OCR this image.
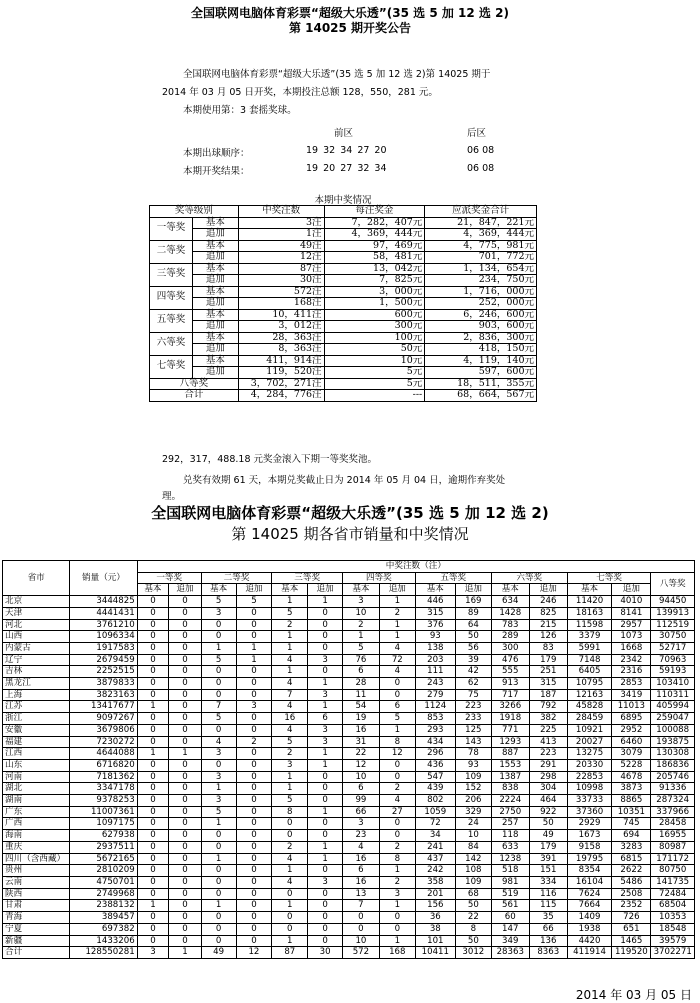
全国联网电脑体育彩票“超级大乐透”(35 选 5 加 12 选 2)
第 14025 期开奖公告
全国联网电脑体育彩票“超级大乐透”(35 选 5 加 12 选 2)第 14025 期于
2014 年 03 月 05 日开奖，本期投注总额 128，550，281 元。
本期使用第：3 套摇奖球。
前区	后区
本期出球顺序：	19 32 34 27 20	06 08
本期开奖结果：	19 20 27 32 34	06 08
本期中奖情况
奖等级别		中奖注数	每注奖金	应派奖金合计
一等奖	基本	3注	7，282，407元	21，847，221元
	追加	1注	4，369，444元	4，369，444元
二等奖	基本	49注	97，469元	4，775，981元
	追加	12注	58，481元	701，772元
三等奖	基本	87注	13，042元	1，134，654元
	追加	30注	7，825元	234，750元
四等奖	基本	572注	3，000元	1，716，000元
	追加	168注	1，500元	252，000元
五等奖	基本	10，411注	600元	6，246，600元
	追加	3，012注	300元	903，600元
六等奖	基本	28，363注	100元	2，836，300元
	追加	8，363注	50元	418，150元
七等奖	基本	411，914注	10元	4，119，140元
	追加	119，520注	5元	597，600元
八等奖		3，702，271注	5元	18，511，355元
合计		4，284，776注	---	68，664，567元
292，317，488.18 元奖金滚入下期一等奖奖池。
兑奖有效期 61 天，本期兑奖截止日为 2014 年 05 月 04 日，逾期作弃奖处
理。
全国联网电脑体育彩票“超级大乐透”(35 选 5 加 12 选 2)
第 14025 期各省市销量和中奖情况
省市	销量（元）	中奖注数（注）														
		一等奖		二等奖		三等奖		四等奖		五等奖		六等奖		七等奖		八等奖
		基本	追加	基本	追加	基本	追加	基本	追加	基本	追加	基本	追加	基本	追加	
北京	3444825	0	0	5	5	1	1	3	1	446	169	634	246	11420	4010	94450
天津	4441431	0	0	3	0	5	0	10	2	315	89	1428	825	18163	8141	139913
河北	3761210	0	0	0	0	2	0	2	1	376	64	783	215	11598	2957	112519
山西	1096334	0	0	0	0	1	0	1	1	93	50	289	126	3379	1073	30750
内蒙古	1917583	0	0	1	1	1	0	5	4	138	56	300	83	5991	1668	52717
辽宁	2679459	0	0	5	1	4	3	76	72	203	39	476	179	7148	2342	70963
吉林	2252515	0	0	0	0	1	0	6	4	111	42	555	251	6405	2316	59193
黑龙江	3879833	0	0	0	0	4	1	28	0	243	62	913	315	10795	2853	103410
上海	3823163	0	0	0	0	7	3	11	0	279	75	717	187	12163	3419	110311
江苏	13417677	1	0	7	3	4	1	54	6	1124	223	3266	792	45828	11013	405994
浙江	9097267	0	0	5	0	16	6	19	5	853	233	1918	382	28459	6895	259047
安徽	3679806	0	0	0	0	4	3	16	1	293	125	771	225	10921	2952	100088
福建	7230272	0	0	4	2	5	3	31	8	434	143	1293	413	20027	6460	193875
江西	4644088	1	1	3	0	2	1	22	12	296	78	887	223	13275	3079	130308
山东	6716820	0	0	0	0	3	1	12	0	436	93	1553	291	20330	5228	186836
河南	7181362	0	0	3	0	1	0	10	0	547	109	1387	298	22853	4678	205746
湖北	3347178	0	0	1	0	1	0	6	2	439	152	838	304	10998	3873	91336
湖南	9378253	0	0	3	0	5	0	99	4	802	206	2224	464	33733	8865	287324
广东	11007361	0	0	5	0	8	1	66	27	1059	329	2750	922	37360	10351	337966
广西	1097175	0	0	1	0	0	0	3	0	72	24	257	50	2929	745	28458
海南	627938	0	0	0	0	0	0	23	0	34	10	118	49	1673	694	16955
重庆	2937511	0	0	0	0	2	1	4	2	241	84	633	179	9158	3283	80987
四川（含西藏）	5672165	0	0	1	0	4	1	16	8	437	142	1238	391	19795	6815	171172
贵州	2810209	0	0	0	0	1	0	6	1	242	108	518	151	8354	2622	80750
云南	4750701	0	0	0	0	4	3	16	2	358	109	981	334	16104	5486	141735
陕西	2749968	0	0	0	0	0	0	13	3	201	68	519	116	7624	2508	72484
甘肃	2388132	1	0	1	0	1	0	7	1	156	50	561	115	7664	2352	68504
青海	389457	0	0	0	0	0	0	0	0	36	22	60	35	1409	726	10353
宁夏	697382	0	0	0	0	0	0	0	0	38	8	147	66	1938	651	18548
新疆	1433206	0	0	0	0	1	0	10	1	101	50	349	136	4420	1465	39579
合计	128550281	3	1	49	12	87	30	572	168	10411	3012	28363	8363	411914	119520	3702271
2014 年 03 月 05 日
